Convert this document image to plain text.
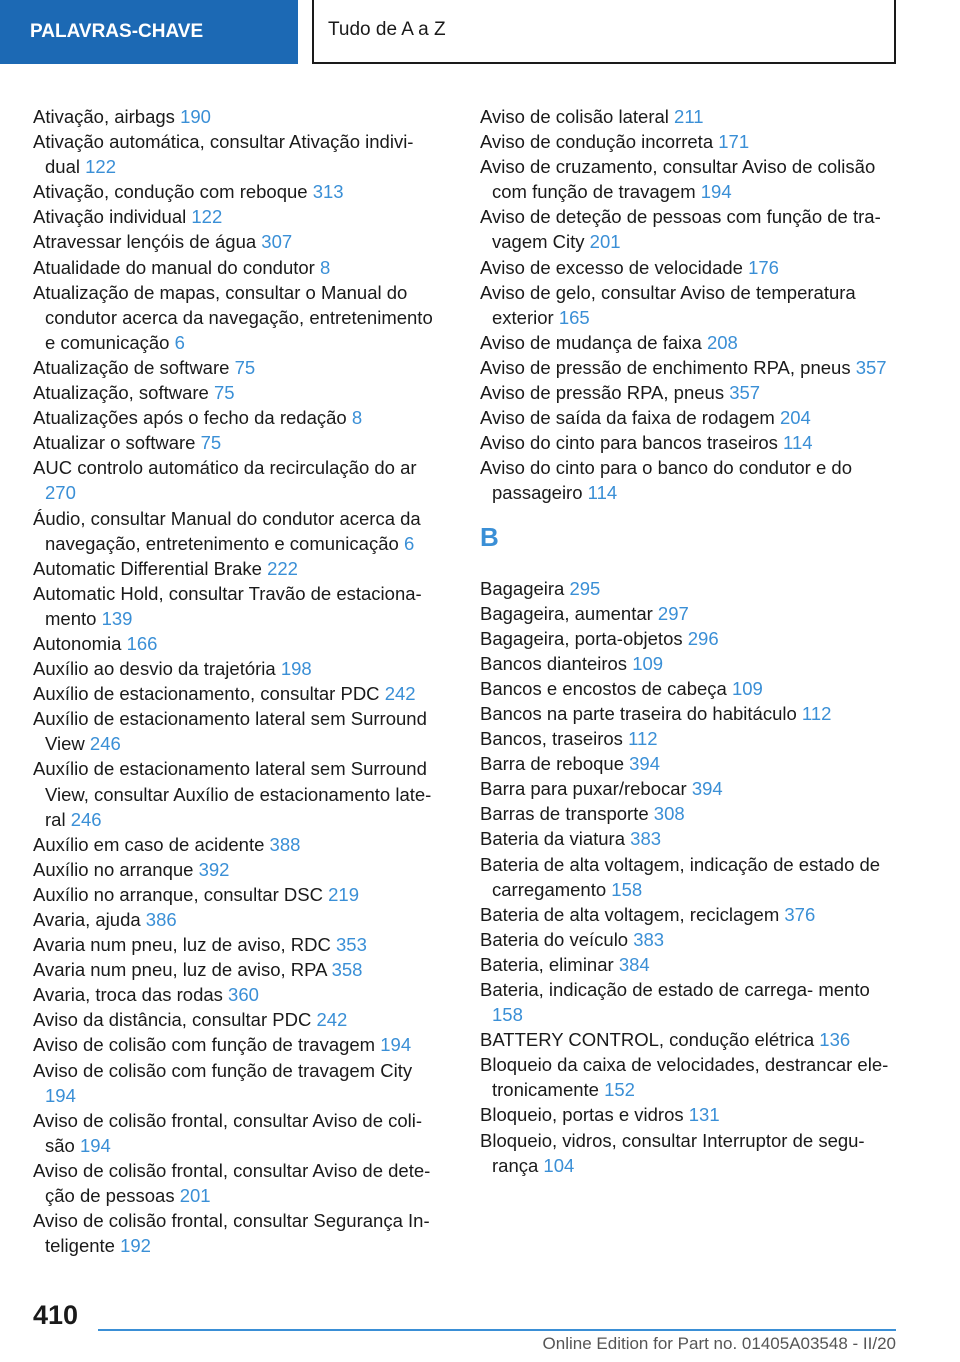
PALAVRAS-CHAVE	Tudo de A a Z
Ativação, airbags 190
Ativação automática, consultar Ativação indivi- dual 122
Ativação, condução com reboque 313
Ativação individual 122
Atravessar lençóis de água 307
Atualidade do manual do condutor 8
Atualização de mapas, consultar o Manual do condutor acerca da navegação, entretenimento e comunicação 6
Atualização de software 75
Atualização, software 75
Atualizações após o fecho da redação 8
Atualizar o software 75
AUC controlo automático da recirculação do ar 270
Áudio, consultar Manual do condutor acerca da navegação, entretenimento e comunicação 6
Automatic Differential Brake 222
Automatic Hold, consultar Travão de estaciona- mento 139
Autonomia 166
Auxílio ao desvio da trajetória 198
Auxílio de estacionamento, consultar PDC 242
Auxílio de estacionamento lateral sem Surround View 246
Auxílio de estacionamento lateral sem Surround View, consultar Auxílio de estacionamento late- ral 246
Auxílio em caso de acidente 388
Auxílio no arranque 392
Auxílio no arranque, consultar DSC 219
Avaria, ajuda 386
Avaria num pneu, luz de aviso, RDC 353
Avaria num pneu, luz de aviso, RPA 358
Avaria, troca das rodas 360
Aviso da distância, consultar PDC 242
Aviso de colisão com função de travagem 194
Aviso de colisão com função de travagem City 194
Aviso de colisão frontal, consultar Aviso de coli- são 194
Aviso de colisão frontal, consultar Aviso de dete- ção de pessoas 201
Aviso de colisão frontal, consultar Segurança In- teligente 192
Aviso de colisão lateral 211
Aviso de condução incorreta 171
Aviso de cruzamento, consultar Aviso de colisão com função de travagem 194
Aviso de deteção de pessoas com função de tra- vagem City 201
Aviso de excesso de velocidade 176
Aviso de gelo, consultar Aviso de temperatura exterior 165
Aviso de mudança de faixa 208
Aviso de pressão de enchimento RPA, pneus 357
Aviso de pressão RPA, pneus 357
Aviso de saída da faixa de rodagem 204
Aviso do cinto para bancos traseiros 114
Aviso do cinto para o banco do condutor e do passageiro 114
B
Bagageira 295
Bagageira, aumentar 297
Bagageira, porta-objetos 296
Bancos dianteiros 109
Bancos e encostos de cabeça 109
Bancos na parte traseira do habitáculo 112
Bancos, traseiros 112
Barra de reboque 394
Barra para puxar/rebocar 394
Barras de transporte 308
Bateria da viatura 383
Bateria de alta voltagem, indicação de estado de carregamento 158
Bateria de alta voltagem, reciclagem 376
Bateria do veículo 383
Bateria, eliminar 384
Bateria, indicação de estado de carrega- mento 158
BATTERY CONTROL, condução elétrica 136
Bloqueio da caixa de velocidades, destrancar ele- tronicamente 152
Bloqueio, portas e vidros 131
Bloqueio, vidros, consultar Interruptor de segu- rança 104
410
Online Edition for Part no. 01405A03548 - II/20
